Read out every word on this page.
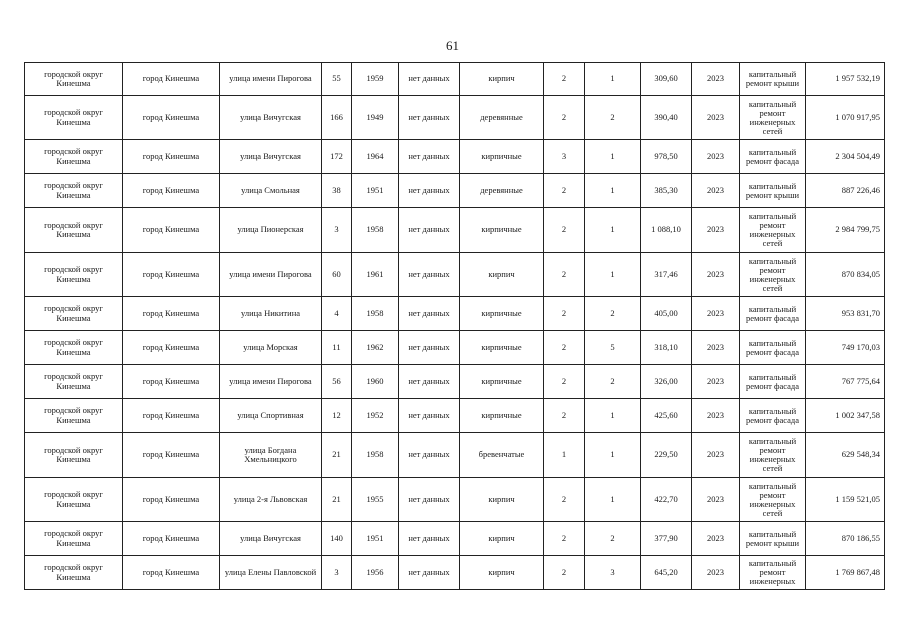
61
городской округ Кинешма	город Кинешма	улица имени Пирогова	55	1959	нет данных	кирпич	2	1	309,60	2023	капитальный ремонт крыши	1 957 532,19
городской округ Кинешма	город Кинешма	улица Вичугская	166	1949	нет данных	деревянные	2	2	390,40	2023	капитальный ремонт инженерных сетей	1 070 917,95
городской округ Кинешма	город Кинешма	улица Вичугская	172	1964	нет данных	кирпичные	3	1	978,50	2023	капитальный ремонт фасада	2 304 504,49
городской округ Кинешма	город Кинешма	улица Смольная	38	1951	нет данных	деревянные	2	1	385,30	2023	капитальный ремонт крыши	887 226,46
городской округ Кинешма	город Кинешма	улица Пионерская	3	1958	нет данных	кирпичные	2	1	1 088,10	2023	капитальный ремонт инженерных сетей	2 984 799,75
городской округ Кинешма	город Кинешма	улица имени Пирогова	60	1961	нет данных	кирпич	2	1	317,46	2023	капитальный ремонт инженерных сетей	870 834,05
городской округ Кинешма	город Кинешма	улица Никитина	4	1958	нет данных	кирпичные	2	2	405,00	2023	капитальный ремонт фасада	953 831,70
городской округ Кинешма	город Кинешма	улица Морская	11	1962	нет данных	кирпичные	2	5	318,10	2023	капитальный ремонт фасада	749 170,03
городской округ Кинешма	город Кинешма	улица имени Пирогова	56	1960	нет данных	кирпичные	2	2	326,00	2023	капитальный ремонт фасада	767 775,64
городской округ Кинешма	город Кинешма	улица Спортивная	12	1952	нет данных	кирпичные	2	1	425,60	2023	капитальный ремонт фасада	1 002 347,58
городской округ Кинешма	город Кинешма	улица Богдана Хмельницкого	21	1958	нет данных	бревенчатые	1	1	229,50	2023	капитальный ремонт инженерных сетей	629 548,34
городской округ Кинешма	город Кинешма	улица 2-я Львовская	21	1955	нет данных	кирпич	2	1	422,70	2023	капитальный ремонт инженерных сетей	1 159 521,05
городской округ Кинешма	город Кинешма	улица Вичугская	140	1951	нет данных	кирпич	2	2	377,90	2023	капитальный ремонт крыши	870 186,55
городской округ Кинешма	город Кинешма	улица Елены Павловской	3	1956	нет данных	кирпич	2	3	645,20	2023	капитальный ремонт инженерных	1 769 867,48
